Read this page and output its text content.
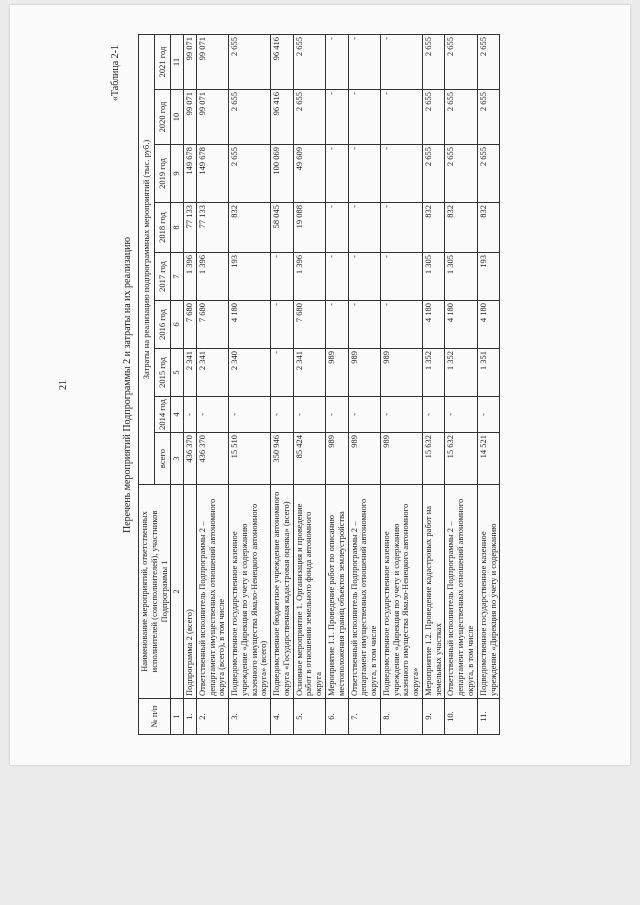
21
«Таблица 2-1
Перечень мероприятий Подпрограммы 2 и затраты на их реализацию
№ п/п	Наименование мероприятий, ответственных исполнителей (соисполнителей), участников Подпрограммы 1	Затраты на реализацию подпрограммных мероприятий (тыс. руб.)								
		всего	2014 год	2015 год	2016 год	2017 год	2018 год	2019 год	2020 год	2021 год
1	2	3	4	5	6	7	8	9	10	11
1.	Подпрограмма 2 (всего)	436 370	-	2 341	7 680	1 396	77 133	149 678	99 071	99 071
2.	Ответственный исполнитель Подпрограммы 2 – департамент имущественных отношений автономного округа (всего), в том числе	436 370	-	2 341	7 680	1 396	77 133	149 678	99 071	99 071
3.	Подведомственное государственное казенное учреждение «Дирекция по учету и содержанию казенного имущества Ямало-Ненецкого автономного округа» (всего)	15 510	-	2 340	4 180	193	832	2 655	2 655	2 655
4.	Подведомственное бюджетное учреждение автономного округа «Государственная кадастровая оценка» (всего)	350 946	-	-	-	-	58 045	100 069	96 416	96 416
5.	Основное мероприятие 1. Организация и проведение работ в отношении земельного фонда автономного округа	85 424	-	2 341	7 680	1 396	19 088	49 609	2 655	2 655
6.	Мероприятие 1.1. Проведение работ по описанию местоположения границ объектов землеустройства	989	-	989	-	-	-	-	-	-
7.	Ответственный исполнитель Подпрограммы 2 – департамент имущественных отношений автономного округа, в том числе	989	-	989	-	-	-	-	-	-
8.	Подведомственное государственное казенное учреждение «Дирекция по учету и содержанию казенного имущества Ямало-Ненецкого автономного округа»	989	-	989	-	-	-	-	-	-
9.	Мероприятие 1.2. Проведение кадастровых работ на земельных участках	15 632	-	1 352	4 180	1 305	832	2 655	2 655	2 655
10.	Ответственный исполнитель Подпрограммы 2 – департамент имущественных отношений автономного округа, в том числе	15 632	-	1 352	4 180	1 305	832	2 655	2 655	2 655
11.	Подведомственное государственное казенное учреждение «Дирекция по учету и содержанию	14 521	-	1 351	4 180	193	832	2 655	2 655	2 655
